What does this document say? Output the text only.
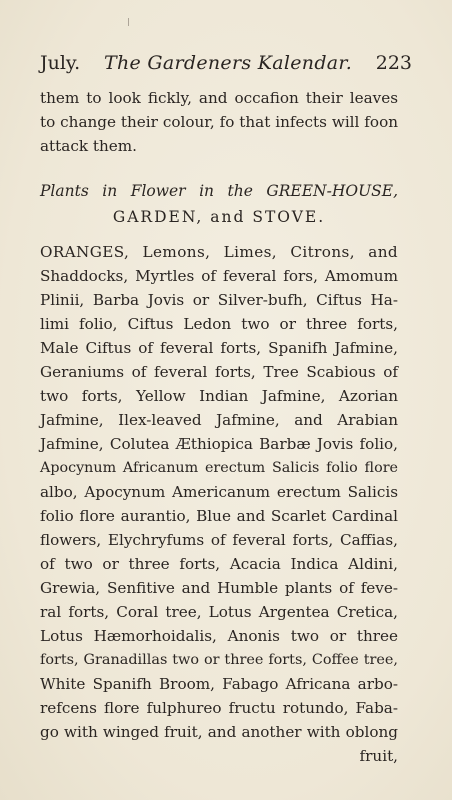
July. The Gardeners Kalendar. 223
them to look fickly, and occafion their leaves
to change their colour, fo that infects will foon
attack them.
Plants in Flower in the GREEN-HOUSE,
GARDEN, and STOVE.
ORANGES, Lemons, Limes, Citrons, and
Shaddocks, Myrtles of feveral fors, Amomum
Plinii, Barba Jovis or Silver-bufh, Ciftus Ha-
limi folio, Ciftus Ledon two or three forts,
Male Ciftus of feveral forts, Spanifh Jafmine,
Geraniums of feveral forts, Tree Scabious of
two forts, Yellow Indian Jafmine, Azorian
Jafmine, Ilex-leaved Jafmine, and Arabian
Jafmine, Colutea Æthiopica Barbæ Jovis folio,
Apocynum Africanum erectum Salicis folio flore
albo, Apocynum Americanum erectum Salicis
folio flore aurantio, Blue and Scarlet Cardinal
flowers, Elychryfums of feveral forts, Caffias,
of two or three forts, Acacia Indica Aldini,
Grewia, Senfitive and Humble plants of feve-
ral forts, Coral tree, Lotus Argentea Cretica,
Lotus Hæmorhoidalis, Anonis two or three
forts, Granadillas two or three forts, Coffee tree,
White Spanifh Broom, Fabago Africana arbo-
refcens flore fulphureo fructu rotundo, Faba-
go with winged fruit, and another with oblong
fruit,
